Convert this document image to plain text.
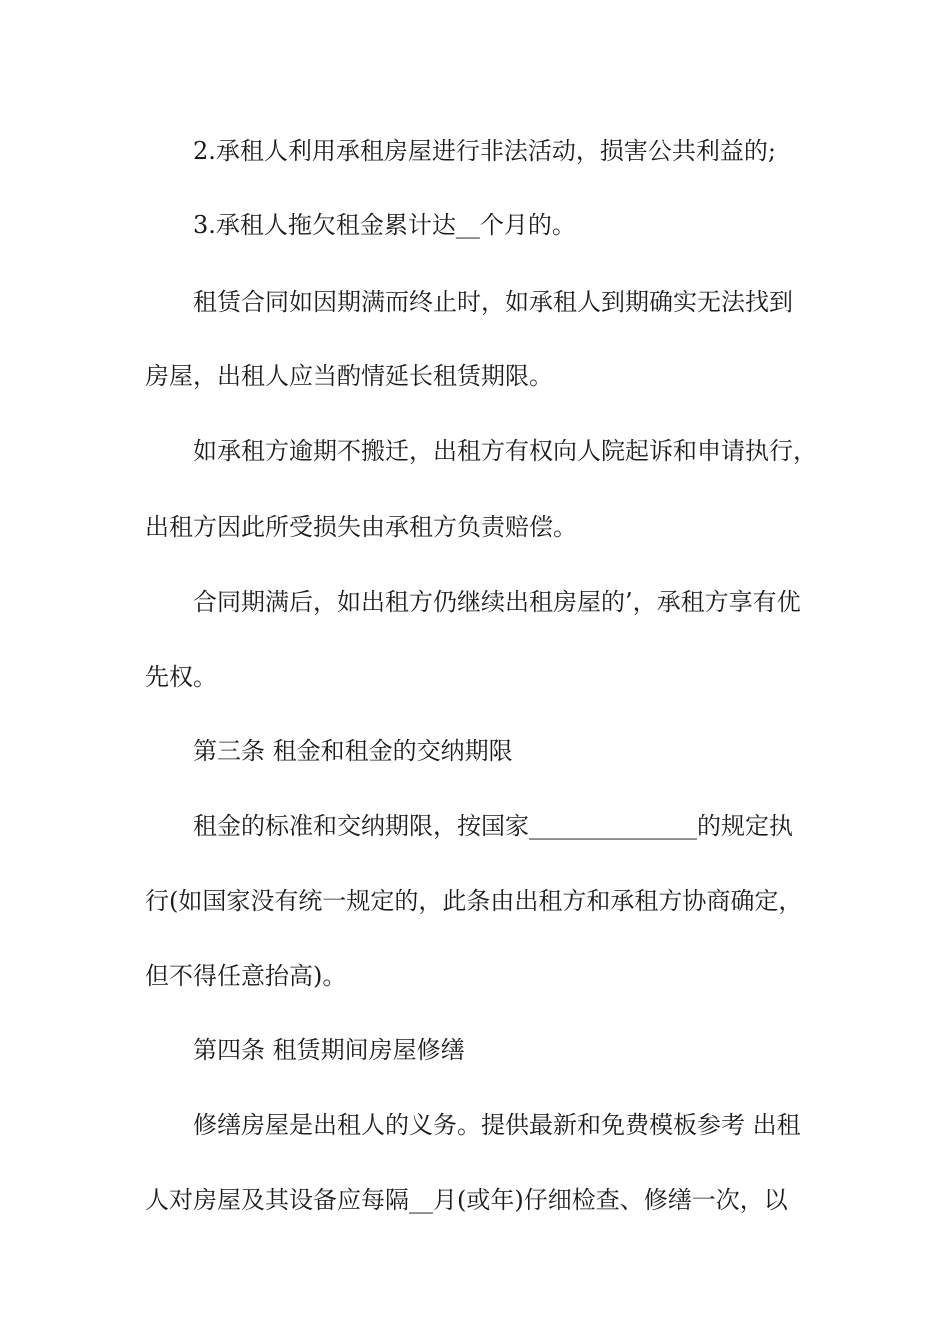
2.承租人利用承租房屋进行非法活动，损害公共利益的;

3.承租人拖欠租金累计达__个月的。

租赁合同如因期满而终止时，如承租人到期确实无法找到

房屋，出租人应当酌情延长租赁期限。

如承租方逾期不搬迁，出租方有权向人院起诉和申请执行，

出租方因此所受损失由承租方负责赔偿。

合同期满后，如出租方仍继续出租房屋的’，承租方享有优

先权。

第三条 租金和租金的交纳期限

租金的标准和交纳期限，按国家______________的规定执

行(如国家没有统一规定的，此条由出租方和承租方协商确定，

但不得任意抬高)。

第四条 租赁期间房屋修缮

修缮房屋是出租人的义务。提供最新和免费模板参考 出租

人对房屋及其设备应每隔__月(或年)仔细检查、修缮一次，以
